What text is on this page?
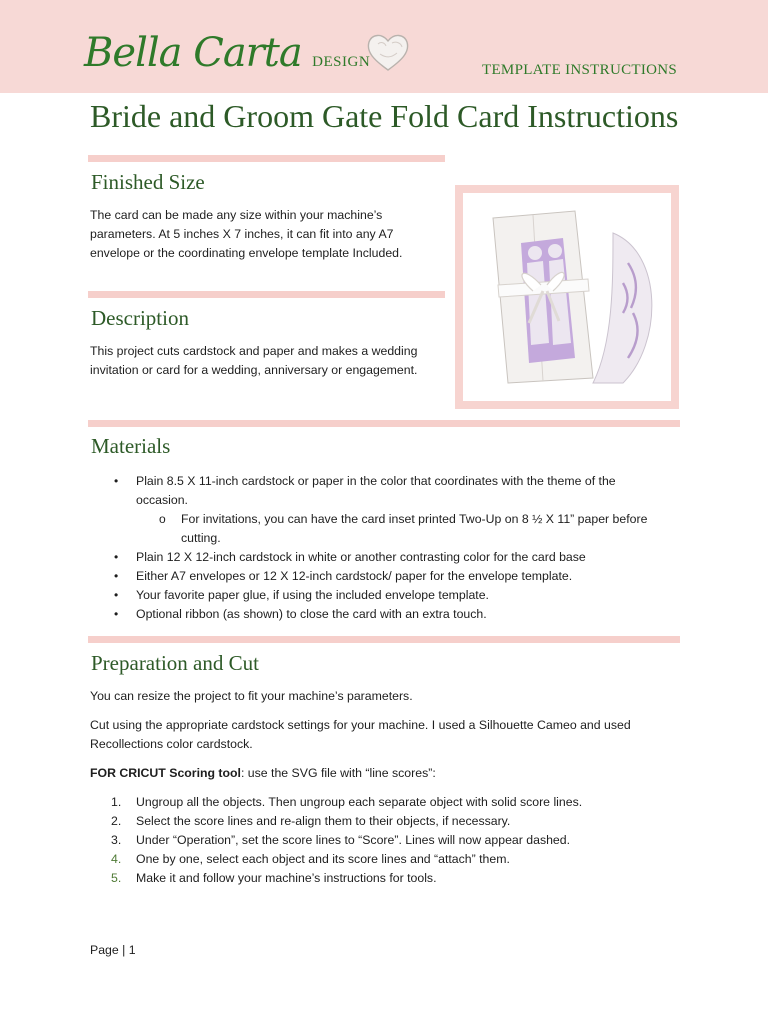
Bella Carta DESIGN	TEMPLATE INSTRUCTIONS
Bride and Groom Gate Fold Card Instructions
Finished Size
The card can be made any size within your machine’s
parameters. At 5 inches X 7 inches, it can fit into any A7
envelope or the coordinating envelope template Included.
Description
This project cuts cardstock and paper and makes a wedding
invitation or card for a wedding, anniversary or engagement.
Materials
• Plain 8.5 X 11-inch cardstock or paper in the color that coordinates with the theme of the
occasion.
o For invitations, you can have the card inset printed Two-Up on 8 ½ X 11” paper before
cutting.
• Plain 12 X 12-inch cardstock in white or another contrasting color for the card base
• Either A7 envelopes or 12 X 12-inch cardstock/ paper for the envelope template.
• Your favorite paper glue, if using the included envelope template.
• Optional ribbon (as shown) to close the card with an extra touch.
Preparation and Cut

You can resize the project to fit your machine’s parameters.

Cut using the appropriate cardstock settings for your machine. I used a Silhouette Cameo and used
Recollections color cardstock.

FOR CRICUT Scoring tool: use the SVG file with “line scores”:

1. Ungroup all the objects. Then ungroup each separate object with solid score lines.
2. Select the score lines and re-align them to their objects, if necessary.
3. Under “Operation”, set the score lines to “Score”. Lines will now appear dashed.
4. One by one, select each object and its score lines and “attach” them.
5. Make it and follow your machine’s instructions for tools.
Page | 1
